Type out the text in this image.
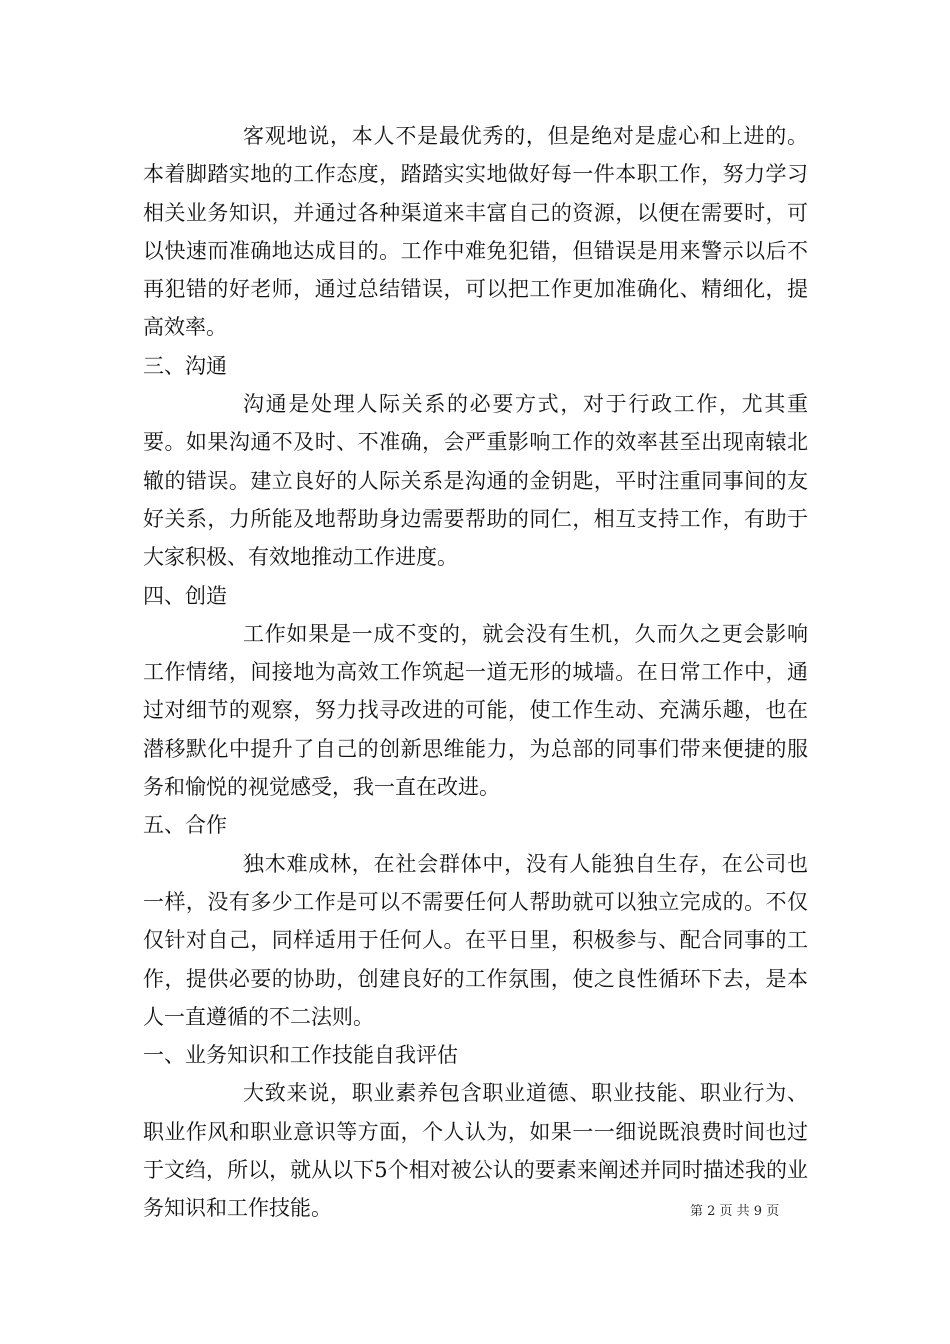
客观地说，本人不是最优秀的，但是绝对是虚心和上进的。本着脚踏实地的工作态度，踏踏实实地做好每一件本职工作，努力学习相关业务知识，并通过各种渠道来丰富自己的资源，以便在需要时，可以快速而准确地达成目的。工作中难免犯错，但错误是用来警示以后不再犯错的好老师，通过总结错误，可以把工作更加准确化、精细化，提高效率。

三、沟通

沟通是处理人际关系的必要方式，对于行政工作，尤其重要。如果沟通不及时、不准确，会严重影响工作的效率甚至出现南辕北辙的错误。建立良好的人际关系是沟通的金钥匙，平时注重同事间的友好关系，力所能及地帮助身边需要帮助的同仁，相互支持工作，有助于大家积极、有效地推动工作进度。

四、创造

工作如果是一成不变的，就会没有生机，久而久之更会影响工作情绪，间接地为高效工作筑起一道无形的城墙。在日常工作中，通过对细节的观察，努力找寻改进的可能，使工作生动、充满乐趣，也在潜移默化中提升了自己的创新思维能力，为总部的同事们带来便捷的服务和愉悦的视觉感受，我一直在改进。

五、合作

独木难成林，在社会群体中，没有人能独自生存，在公司也一样，没有多少工作是可以不需要任何人帮助就可以独立完成的。不仅仅针对自己，同样适用于任何人。在平日里，积极参与、配合同事的工作，提供必要的协助，创建良好的工作氛围，使之良性循环下去，是本人一直遵循的不二法则。

一、业务知识和工作技能自我评估

大致来说，职业素养包含职业道德、职业技能、职业行为、职业作风和职业意识等方面，个人认为，如果一一细说既浪费时间也过于文绉，所以，就从以下5个相对被公认的要素来阐述并同时描述我的业务知识和工作技能。	第 2 页 共 9 页
